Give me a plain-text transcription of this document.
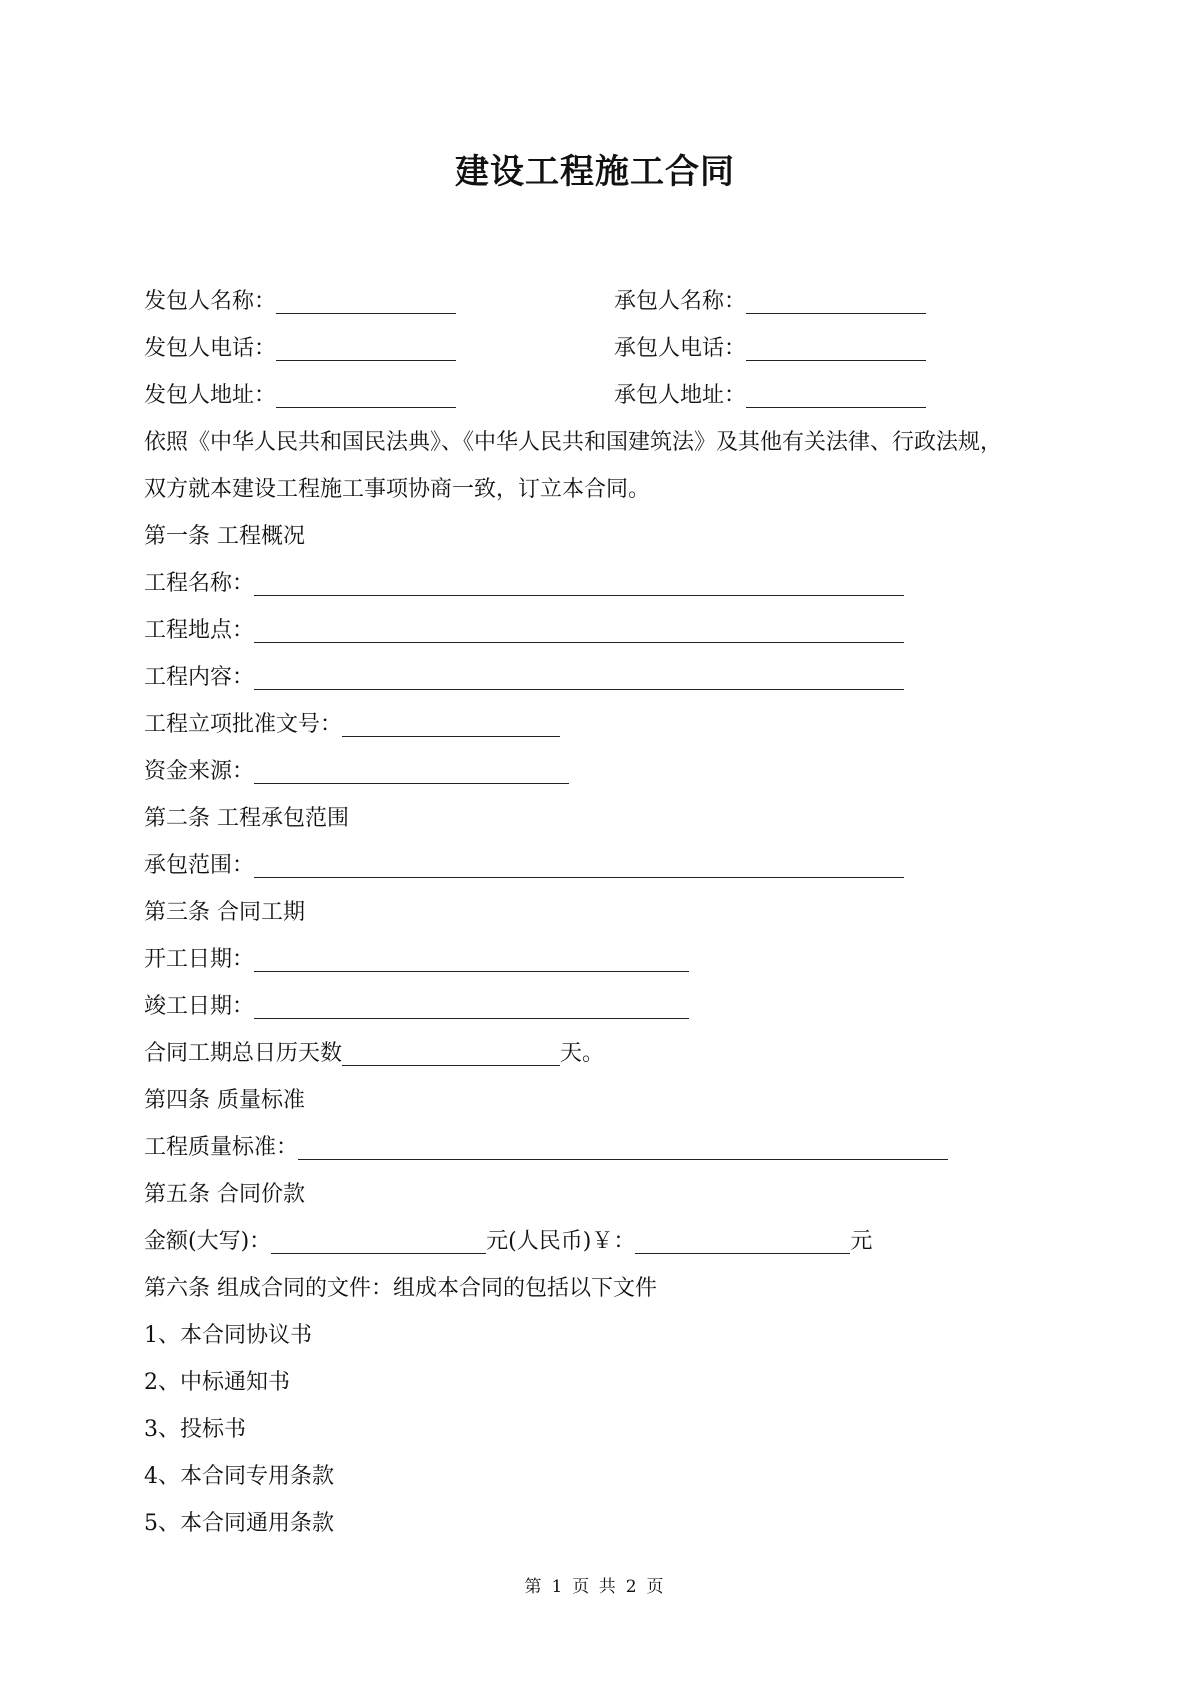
建设工程施工合同
发包人名称：	承包人名称：
发包人电话：	承包人电话：
发包人地址：	承包人地址：
依照《中华人民共和国民法典》、《中华人民共和国建筑法》及其他有关法律、行政法规，
双方就本建设工程施工事项协商一致，订立本合同。
第一条 工程概况
工程名称：
工程地点：
工程内容：
工程立项批准文号：
资金来源：
第二条 工程承包范围
承包范围：
第三条 合同工期
开工日期：
竣工日期：
合同工期总日历天数	天。
第四条 质量标准
工程质量标准：
第五条 合同价款
金额(大写)：	元(人民币)￥：	元
第六条 组成合同的文件：组成本合同的包括以下文件
1、本合同协议书
2、中标通知书
3、投标书
4、本合同专用条款
5、本合同通用条款
第 1 页 共 2 页
